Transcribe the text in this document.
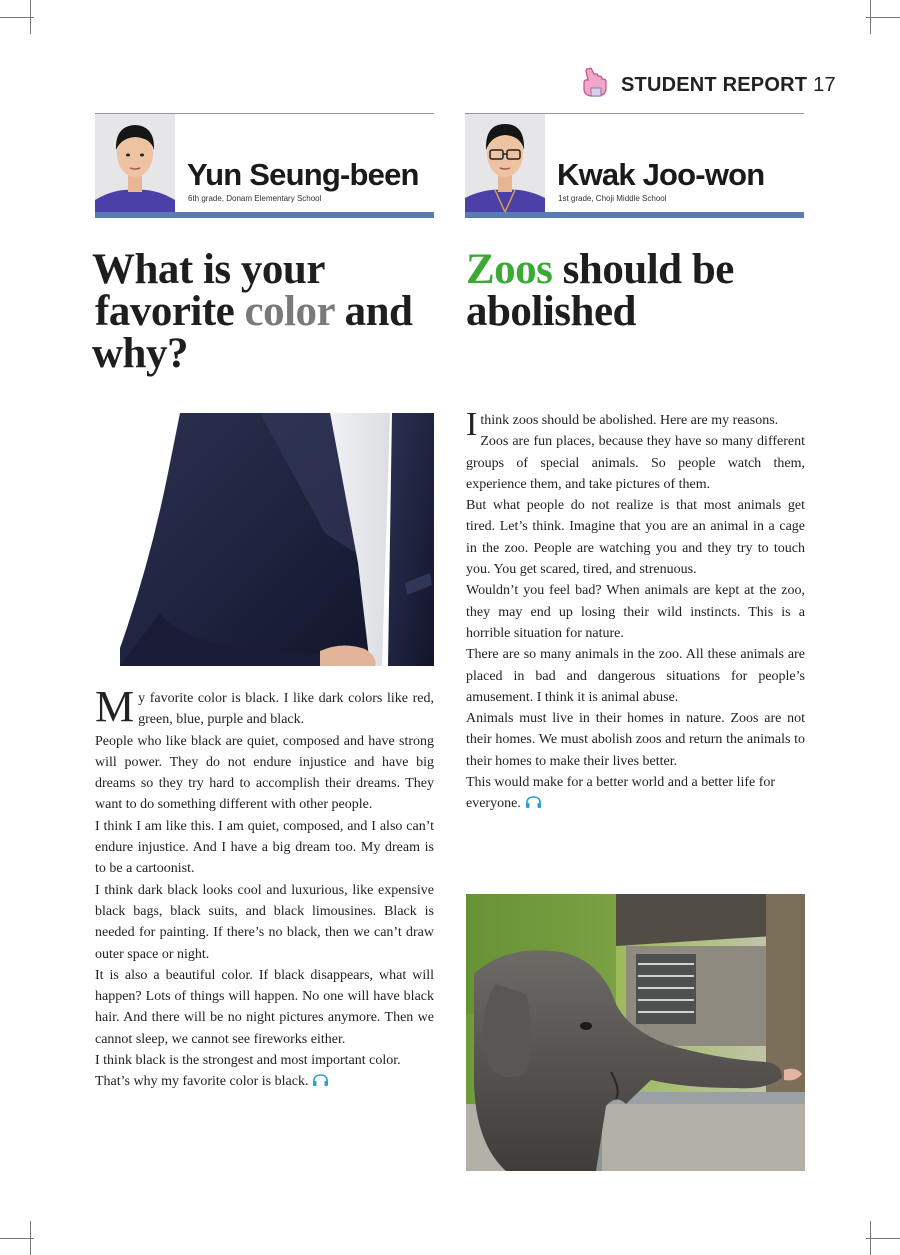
STUDENT REPORT 17
Yun Seung-been
6th grade, Donam Elementary School
Kwak Joo-won
1st grade, Choji Middle School
What is your
favorite color and
why?
Zoos should be
abolished

My favorite color is black. I like dark colors like red, green, blue, purple and black.

People who like black are quiet, composed and have strong will power. They do not endure injustice and have big dreams so they try hard to accomplish their dreams. They want to do something different with other people.

I think I am like this. I am quiet, composed, and I also can’t endure injustice. And I have a big dream too. My dream is to be a cartoonist.

I think dark black looks cool and luxurious, like expensive black bags, black suits, and black limousines. Black is needed for painting. If there’s no black, then we can’t draw outer space or night.

It is also a beautiful color. If black disappears, what will happen? Lots of things will happen. No one will have black hair. And there will be no night pictures anymore. Then we cannot sleep, we cannot see fireworks either.

I think black is the strongest and most important color. That’s why my favorite color is black.

Ithink zoos should be abolished. Here are my reasons.

Zoos are fun places, because they have so many different groups of special animals. So people watch them, experience them, and take pictures of them.

But what people do not realize is that most animals get tired. Let’s think. Imagine that you are an animal in a cage in the zoo. People are watching you and they try to touch you. You get scared, tired, and strenuous.

Wouldn’t you feel bad? When animals are kept at the zoo, they may end up losing their wild instincts. This is a horrible situation for nature.

There are so many animals in the zoo. All these animals are placed in bad and dangerous situations for people’s amusement. I think it is animal abuse.

Animals must live in their homes in nature. Zoos are not their homes. We must abolish zoos and return the animals to their homes to make their lives better.

This would make for a better world and a better life for everyone.
